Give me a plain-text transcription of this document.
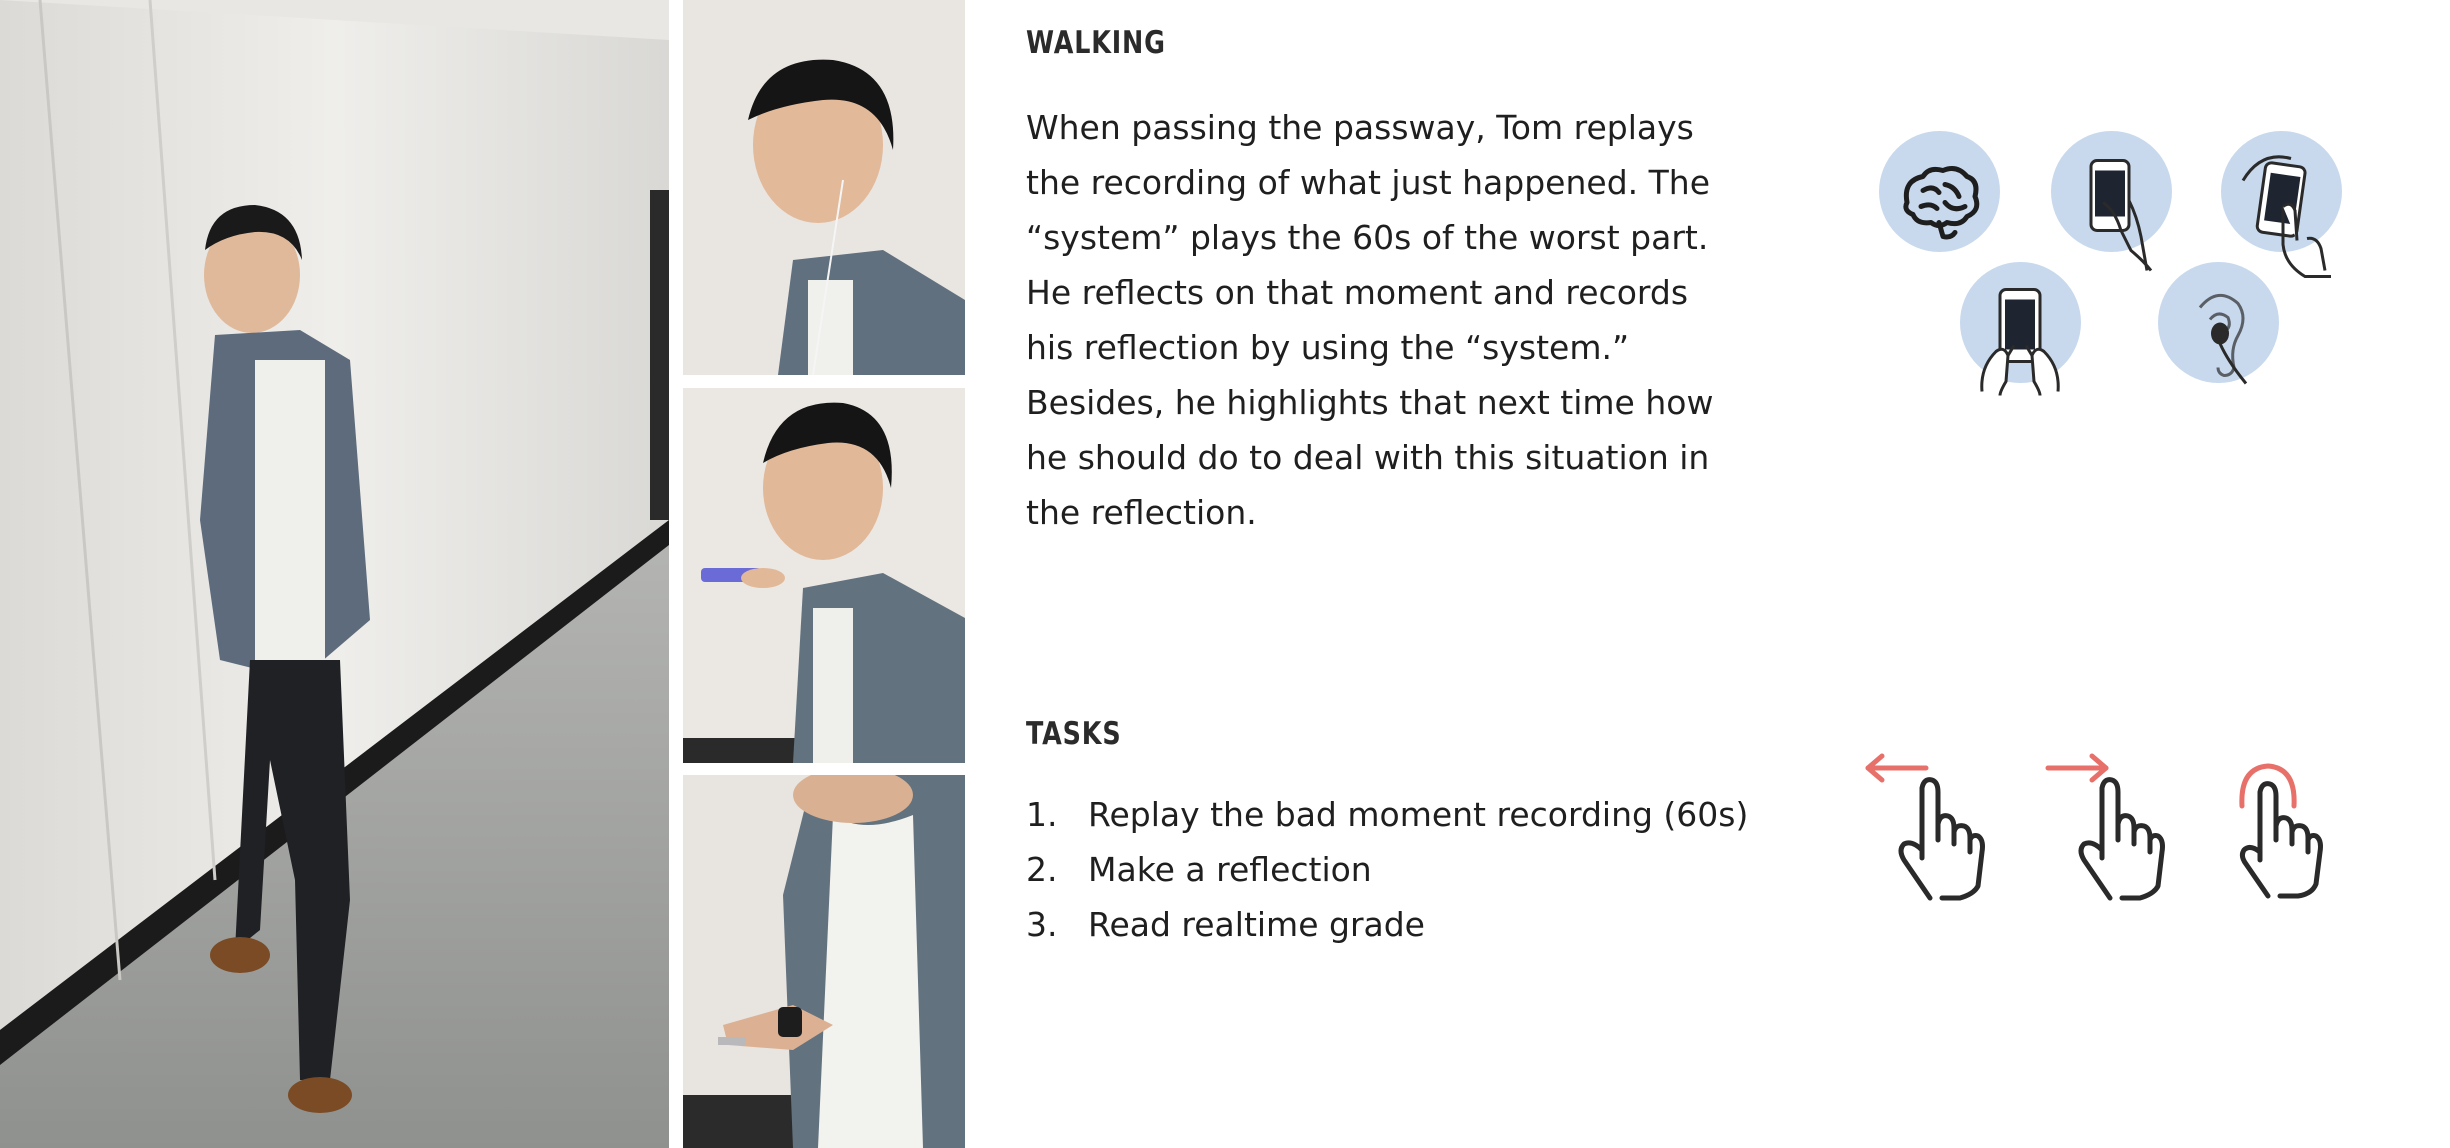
WALKING

When passing the passway, Tom replays
the recording of what just happened. The
“system” plays the 60s of the worst part.
He reflects on that moment and records
his reflection by using the “system.”
Besides, he highlights that next time how
he should do to deal with this situation in
the reflection.

TASKS
1. Replay the bad moment recording (60s)
2. Make a reflection
3. Read realtime grade
